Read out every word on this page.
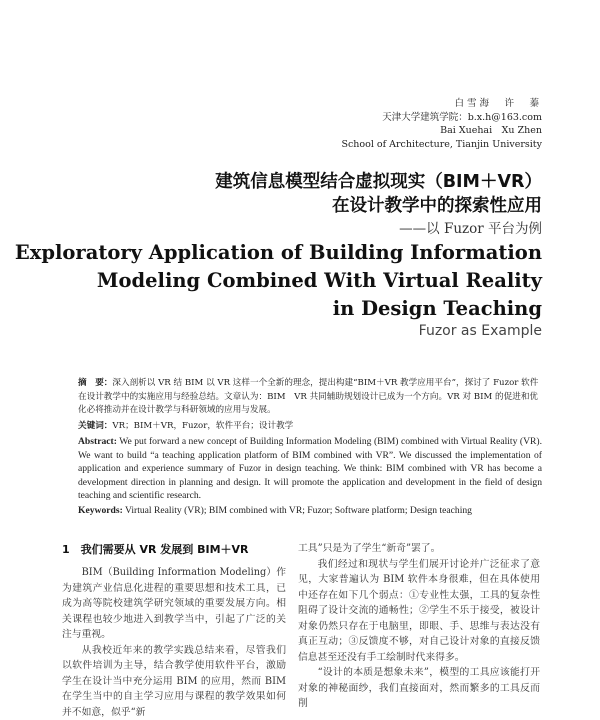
白雪海　许　蓁
天津大学建筑学院：b.x.h@163.com
Bai Xuehai　Xu Zhen
School of Architecture, Tianjin University
建筑信息模型结合虚拟现实（BIM＋VR）
在设计教学中的探索性应用
——以 Fuzor 平台为例
Exploratory Application of Building Information
Modeling Combined With Virtual Reality
in Design Teaching
Fuzor as Example

摘　要：深入剖析以 VR 结 BIM 以 VR 这样一个全新的理念，提出构建“BIM＋VR 教学应用平台”，探讨了 Fuzor 软件在设计教学中的实施应用与经验总结。文章认为：BIM　VR 共同辅助规划设计已成为一个方向。VR 对 BIM 的促进和优化必将推动并在设计教学与科研领域的应用与发展。

关键词：VR；BIM＋VR，Fuzor，软件平台；设计教学

Abstract: We put forward a new concept of Building Information Modeling (BIM) combined with Virtual Reality (VR). We want to build “a teaching application platform of BIM combined with VR”. We discussed the implementation of application and experience summary of Fuzor in design teaching. We think: BIM combined with VR has become a development direction in planning and design. It will promote the application and development in the field of design teaching and scientific research.

Keywords: Virtual Reality (VR); BIM combined with VR; Fuzor; Software platform; Design teaching

1　我们需要从 VR 发展到 BIM＋VR

BIM（Building Information Modeling）作为建筑产业信息化进程的重要思想和技术工具，已成为高等院校建筑学研究领域的重要发展方向。相关课程也较少地进入到教学当中，引起了广泛的关注与重视。

从我校近年来的教学实践总结来看，尽管我们以软件培训为主导，结合教学使用软件平台，激励学生在设计当中充分运用 BIM 的应用，然而 BIM 在学生当中的自主学习应用与课程的教学效果如何并不如意，似乎“新

工具”只是为了学生“新奇”罢了。

我们经过和现状与学生们展开讨论并广泛征求了意见，大家普遍认为 BIM 软件本身很难，但在具体使用中还存在如下几个弱点：①专业性太强，工具的复杂性阻碍了设计交流的通畅性；②学生不乐于接受，被设计对象仍然只存在于电脑里，即眼、手、思维与表达没有真正互动；③反馈度不够，对自己设计对象的直接反馈信息甚至还没有手工绘制时代来得多。

“设计的本质是想象未来”，模型的工具应该能打开对象的神秘面纱，我们直接面对，然而繁多的工具反而削
